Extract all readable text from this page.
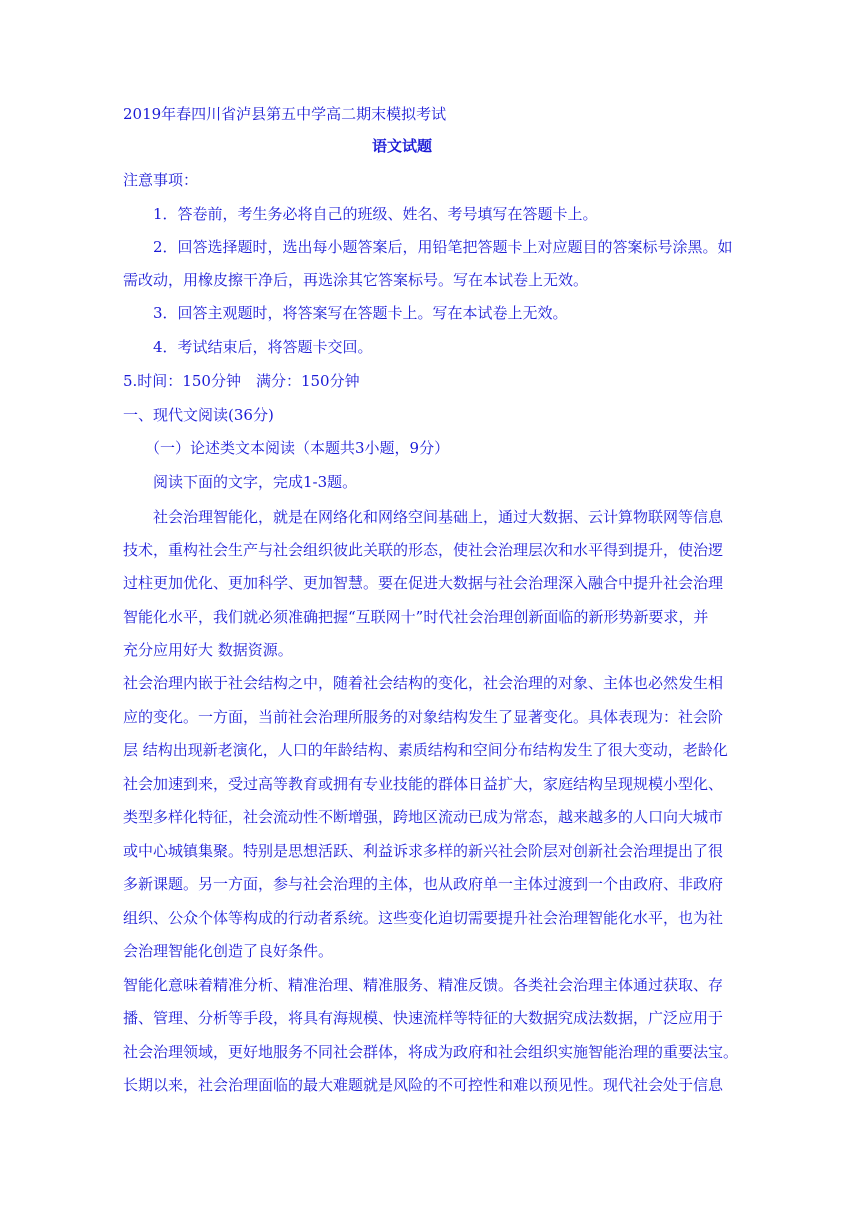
2019年春四川省泸县第五中学高二期末模拟考试
语文试题
注意事项：
1．答卷前，考生务必将自己的班级、姓名、考号填写在答题卡上。
2．回答选择题时，选出每小题答案后，用铅笔把答题卡上对应题目的答案标号涂黑。如
需改动，用橡皮擦干净后，再选涂其它答案标号。写在本试卷上无效。
3．回答主观题时，将答案写在答题卡上。写在本试卷上无效。
4．考试结束后，将答题卡交回。
5.时间：150分钟　满分：150分钟
一、现代文阅读(36分)
（一）论述类文本阅读（本题共3小题，9分）
阅读下面的文字，完成1-3题。
社会治理智能化，就是在网络化和网络空间基础上，通过大数据、云计算物联网等信息
技术，重构社会生产与社会组织彼此关联的形态，使社会治理层次和水平得到提升，使治逻
过柱更加优化、更加科学、更加智慧。要在促进大数据与社会治理深入融合中提升社会治理
智能化水平，我们就必须准确把握“互联网十”时代社会治理创新面临的新形势新要求，并
充分应用好大 数据资源。
社会治理内嵌于社会结构之中，随着社会结构的变化，社会治理的对象、主体也必然发生相
应的变化。一方面，当前社会治理所服务的对象结构发生了显著变化。具体表现为：社会阶
层 结构出现新老演化，人口的年龄结构、素质结构和空间分布结构发生了很大变动，老龄化
社会加速到来，受过高等教育或拥有专业技能的群体日益扩大，家庭结构呈现规模小型化、
类型多样化特征，社会流动性不断增强，跨地区流动已成为常态，越来越多的人口向大城市
或中心城镇集聚。特别是思想活跃、利益诉求多样的新兴社会阶层对创新社会治理提出了很
多新课题。另一方面，参与社会治理的主体，也从政府单一主体过渡到一个由政府、非政府
组织、公众个体等构成的行动者系统。这些变化迫切需要提升社会治理智能化水平，也为社
会治理智能化创造了良好条件。
智能化意味着精准分析、精准治理、精准服务、精准反馈。各类社会治理主体通过获取、存
播、管理、分析等手段，将具有海规模、快速流样等特征的大数据究成法数据，广泛应用于
社会治理领域，更好地服务不同社会群体，将成为政府和社会组织实施智能治理的重要法宝。
长期以来，社会治理面临的最大难题就是风险的不可控性和难以预见性。现代社会处于信息
